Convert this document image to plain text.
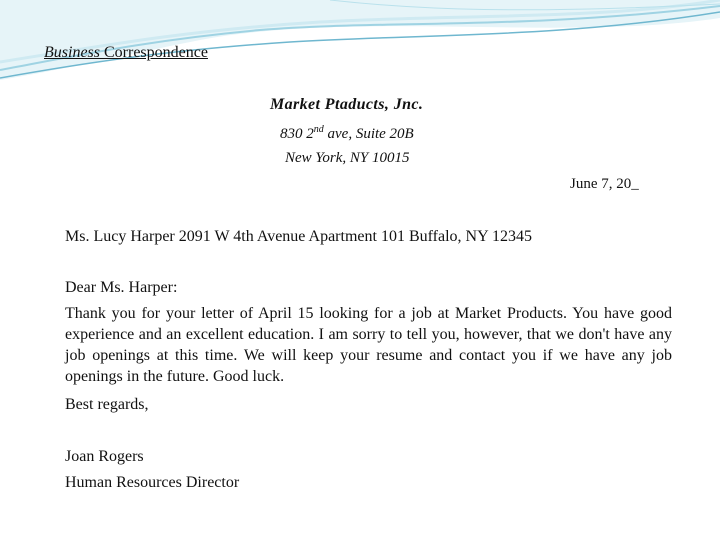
Business Correspondence
Market Ptaducts, Jnc.
830 2nd ave, Suite 20B
New York, NY 10015
June 7, 20_
Ms. Lucy Harper 2091 W 4th Avenue Apartment 101 Buffalo, NY 12345
Dear Ms. Harper:
Thank you for your letter of April 15 looking for a job at Market Products. You have good experience and an excellent education. I am sorry to tell you, however, that we don't have any job openings at this time. We will keep your resume and contact you if we have any job openings in the future. Good luck.
Best regards,
Joan Rogers
Human Resources Director
